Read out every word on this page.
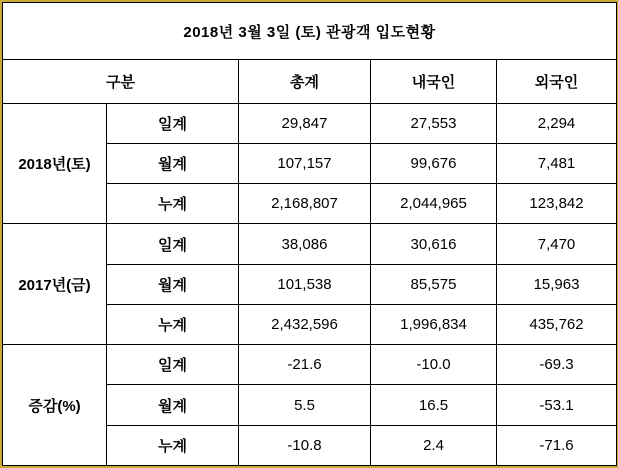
2018년 3월 3일 (토) 관광객 입도현황				
구분		총계	내국인	외국인
2018년(토)	일계	29,847	27,553	2,294
	월계	107,157	99,676	7,481
	누계	2,168,807	2,044,965	123,842
2017년(금)	일계	38,086	30,616	7,470
	월계	101,538	85,575	15,963
	누계	2,432,596	1,996,834	435,762
증감(%)	일계	-21.6	-10.0	-69.3
	월계	5.5	16.5	-53.1
	누계	-10.8	2.4	-71.6
